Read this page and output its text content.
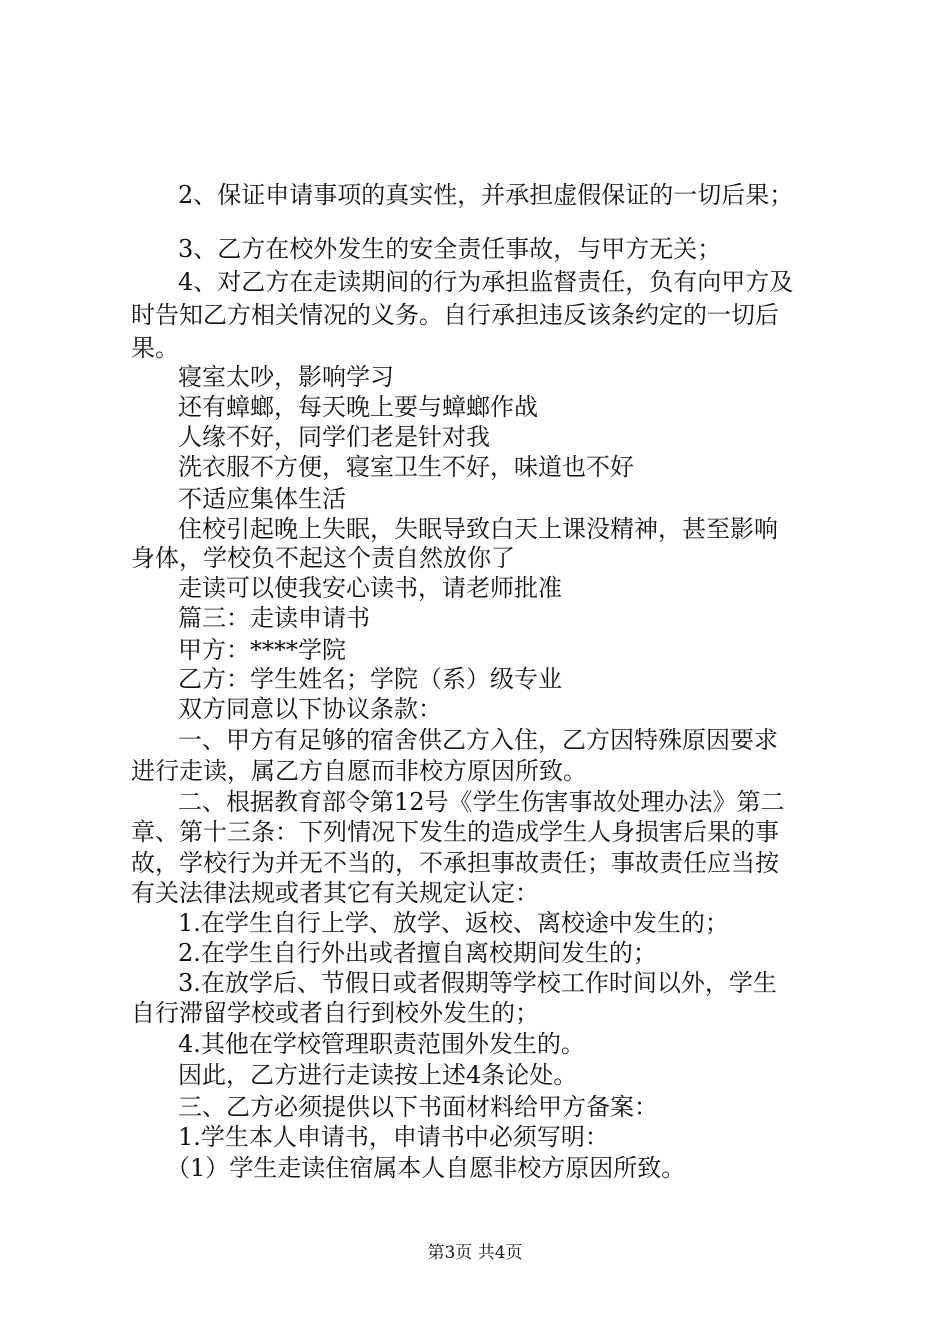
2、保证申请事项的真实性，并承担虚假保证的一切后果；
3、乙方在校外发生的安全责任事故，与甲方无关；
4、对乙方在走读期间的行为承担监督责任，负有向甲方及
时告知乙方相关情况的义务。自行承担违反该条约定的一切后
果。
寝室太吵，影响学习
还有蟑螂，每天晚上要与蟑螂作战
人缘不好，同学们老是针对我
洗衣服不方便，寝室卫生不好，味道也不好
不适应集体生活
住校引起晚上失眠，失眠导致白天上课没精神，甚至影响
身体，学校负不起这个责自然放你了
走读可以使我安心读书，请老师批准
篇三：走读申请书
甲方：****学院
乙方：学生姓名；学院（系）级专业
双方同意以下协议条款：
一、甲方有足够的宿舍供乙方入住，乙方因特殊原因要求
进行走读，属乙方自愿而非校方原因所致。
二、根据教育部令第12号《学生伤害事故处理办法》第二
章、第十三条：下列情况下发生的造成学生人身损害后果的事
故，学校行为并无不当的，不承担事故责任；事故责任应当按
有关法律法规或者其它有关规定认定：
1.在学生自行上学、放学、返校、离校途中发生的；
2.在学生自行外出或者擅自离校期间发生的；
3.在放学后、节假日或者假期等学校工作时间以外，学生
自行滞留学校或者自行到校外发生的；
4.其他在学校管理职责范围外发生的。
因此，乙方进行走读按上述4条论处。
三、乙方必须提供以下书面材料给甲方备案：
1.学生本人申请书，申请书中必须写明：
（1）学生走读住宿属本人自愿非校方原因所致。
第3页 共4页
